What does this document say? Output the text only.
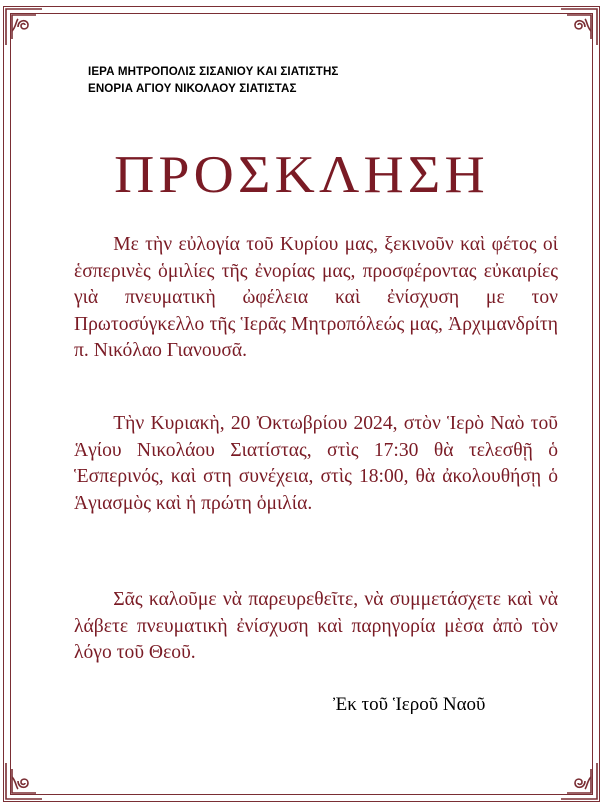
ΙΕΡΑ ΜΗΤΡΟΠΟΛΙΣ ΣΙΣΑΝΙΟΥ ΚΑΙ ΣΙΑΤΙΣΤΗΣ
ΕΝΟΡΙΑ ΑΓΙΟΥ ΝΙΚΟΛΑΟΥ ΣΙΑΤΙΣΤΑΣ
ΠΡΟΣΚΛΗΣΗ

  Με τὴν εὐλογία τοῦ Κυρίου μας, ξεκινοῦν καὶ φέτος οἱ ἑσπερινὲς ὁμιλίες τῆς ἐνορίας μας, προσφέροντας εὐκαιρίες γιὰ πνευματικὴ ὠφέλεια καὶ ἐνίσχυση με τον Πρωτοσύγκελλο τῆς Ἱερᾶς Μητροπόλεώς μας, Ἀρχιμανδρίτη π. Νικόλαο Γιανουσᾶ.

  Τὴν Κυριακὴ, 20 Ὀκτωβρίου 2024, στὸν Ἱερὸ Ναὸ τοῦ Ἁγίου Νικολάου Σιατίστας, στὶς 17:30 θὰ τελεσθῇ ὁ Ἑσπερινός, καὶ στη συνέχεια, στὶς 18:00, θὰ ἀκολουθήσῃ ὁ Ἁγιασμὸς καὶ ἡ πρώτη ὁμιλία.

  Σᾶς καλοῦμε νὰ παρευρεθεῖτε, νὰ συμμετάσχετε καὶ νὰ λάβετε πνευματικὴ ἐνίσχυση καὶ παρηγορία μὲσα ἀπὸ τὸν λόγο τοῦ Θεοῦ.

Ἐκ τοῦ Ἱεροῦ Ναοῦ
